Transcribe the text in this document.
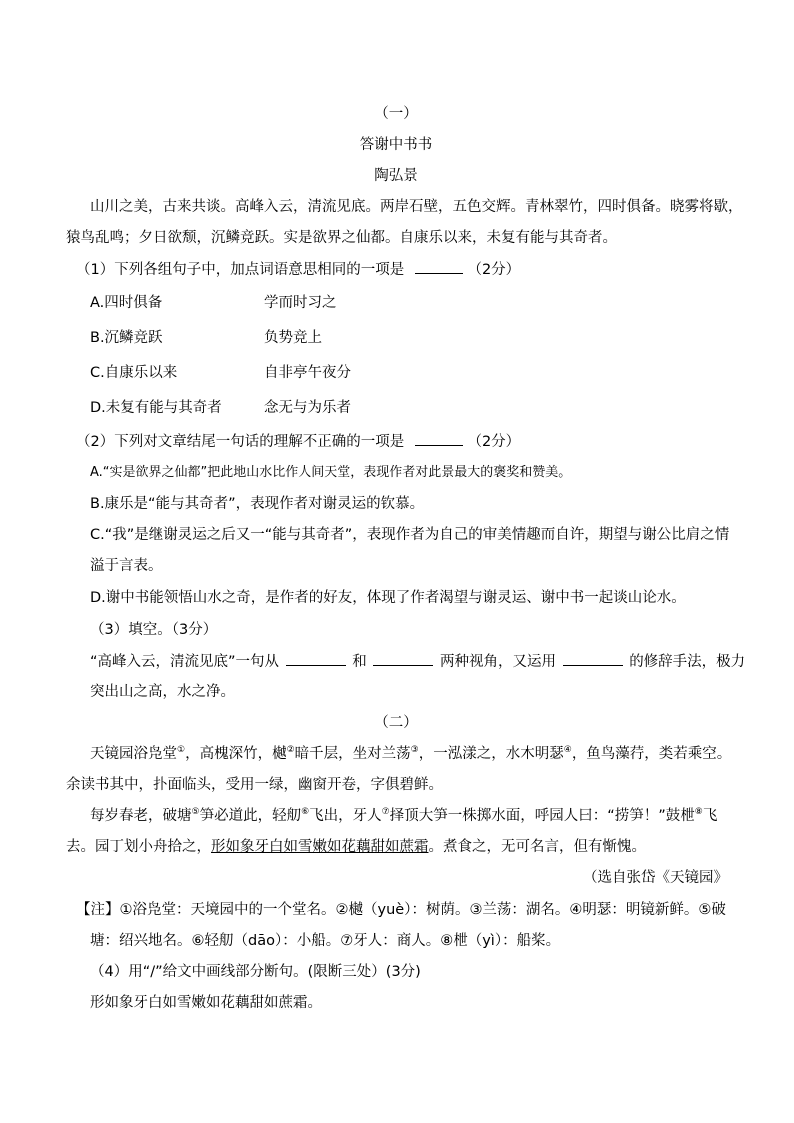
（一）
答谢中书书
陶弘景
山川之美，古来共谈。高峰入云，清流见底。两岸石壁，五色交辉。青林翠竹，四时俱备。晓雾将歇，
猿鸟乱鸣；夕日欲颓，沉鳞竞跃。实是欲界之仙都。自康乐以来，未复有能与其奇者。
（1）下列各组句子中，加点词语意思相同的一项是	（2分）
A.四时俱备	学而时习之
B.沉鳞竞跃	负势竞上
C.自康乐以来	自非亭午夜分
D.未复有能与其奇者	念无与为乐者
（2）下列对文章结尾一句话的理解不正确的一项是	（2分）
A.“实是欲界之仙都”把此地山水比作人间天堂，表现作者对此景最大的褒奖和赞美。
B.康乐是“能与其奇者”，表现作者对谢灵运的钦慕。
C.“我”是继谢灵运之后又一“能与其奇者”，表现作者为自己的审美情趣而自许，期望与谢公比肩之情
溢于言表。
D.谢中书能领悟山水之奇，是作者的好友，体现了作者渴望与谢灵运、谢中书一起谈山论水。
（3）填空。（3分）
“高峰入云，清流见底”一句从	和	两种视角，又运用	的修辞手法，极力
突出山之高，水之净。
（二）
天镜园浴凫堂①，高槐深竹，樾②暗千层，坐对兰荡③，一泓漾之，水木明瑟④，鱼鸟藻荇，类若乘空。
余读书其中，扑面临头，受用一绿，幽窗开卷，字俱碧鲜。
每岁春老，破塘⑤笋必道此，轻舠⑥飞出，牙人⑦择顶大笋一株掷水面，呼园人曰：“捞笋！”鼓枻⑧飞
去。园丁划小舟拾之，形如象牙白如雪嫩如花藕甜如蔗霜。煮食之，无可名言，但有惭愧。
（选自张岱《天镜园》
【注】①浴凫堂：天境园中的一个堂名。②樾（yuè）：树荫。③兰荡：湖名。④明瑟：明镜新鲜。⑤破
塘：绍兴地名。⑥轻舠（dāo）：小船。⑦牙人：商人。⑧枻（yì）：船桨。
（4）用“/”给文中画线部分断句。(限断三处）(3分)
形如象牙白如雪嫩如花藕甜如蔗霜。
